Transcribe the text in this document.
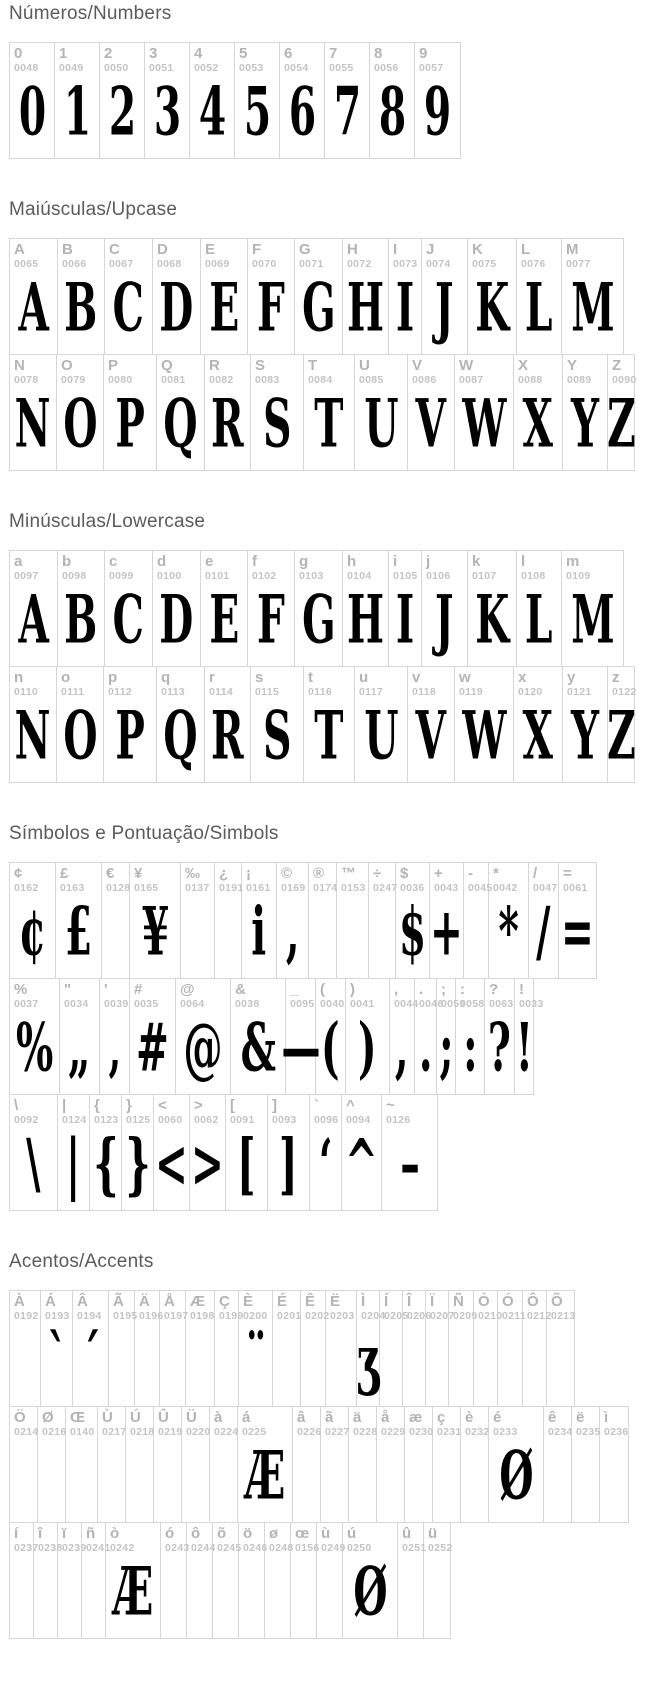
Números/Numbers
0
0048
0
1
0049
1
2
0050
2
3
0051
3
4
0052
4
5
0053
5
6
0054
6
7
0055
7
8
0056
8
9
0057
9
Maiúsculas/Upcase
A
0065
A
B
0066
B
C
0067
C
D
0068
D
E
0069
E
F
0070
F
G
0071
G
H
0072
H
I
0073
I
J
0074
J
K
0075
K
L
0076
L
M
0077
M
N
0078
N
O
0079
O
P
0080
P
Q
0081
Q
R
0082
R
S
0083
S
T
0084
T
U
0085
U
V
0086
V
W
0087
W
X
0088
X
Y
0089
Y
Z
0090
Z
Minúsculas/Lowercase
a
0097
A
b
0098
B
c
0099
C
d
0100
D
e
0101
E
f
0102
F
g
0103
G
h
0104
H
i
0105
I
j
0106
J
k
0107
K
l
0108
L
m
0109
M
n
0110
N
o
0111
O
p
0112
P
q
0113
Q
r
0114
R
s
0115
S
t
0116
T
u
0117
U
v
0118
V
w
0119
W
x
0120
X
y
0121
Y
z
0122
Z
Símbolos e Pontuação/Simbols
¢
0162
¢
£
0163
£
€
0128
¥
0165
¥
‰
0137
¿
0191
¡
0161
i
©
0169
,
®
0174
™
0153
÷
0247
$
0036
$
+
0043
+
-
0045
*
0042
*
/
0047
/
=
0061
=
%
0037
%
"
0034
„
'
0039
‚
#
0035
#
@
0064
@
&
0038
&
_
0095
—
(
0040
(
)
0041
)
,
0044
,
.
0046
.
;
0059
;
:
0058
:
?
0063
?
!
0033
!
\
0092
\
|
0124
|
{
0123
{
}
0125
}
<
0060
<
>
0062
>
[
0091
[
]
0093
]
`
0096
‘
^
0094
^
~
0126
–
Acentos/Accents
À
0192
Á
0193
ˋ
Â
0194
ˊ
Ã
0195
Ä
0196
Å
0197
Æ
0198
Ç
0199
È
0200
¨
É
0201
Ê
0202
Ë
0203
Ì
0204
ʒ
Í
0205
Î
0206
Ï
0207
Ñ
0209
Ò
0210
Ó
0211
Ô
0212
Õ
0213
Ö
0214
Ø
0216
Œ
0140
Ù
0217
Ú
0218
Û
0219
Ü
0220
à
0224
á
0225
Æ
â
0226
ã
0227
ä
0228
å
0229
æ
0230
ç
0231
è
0232
é
0233
Ø
ê
0234
ë
0235
ì
0236
í
0237
î
0238
ï
0239
ñ
0241
ò
0242
Æ
ó
0243
ô
0244
õ
0245
ö
0246
ø
0248
œ
0156
ù
0249
ú
0250
Ø
û
0251
ü
0252
